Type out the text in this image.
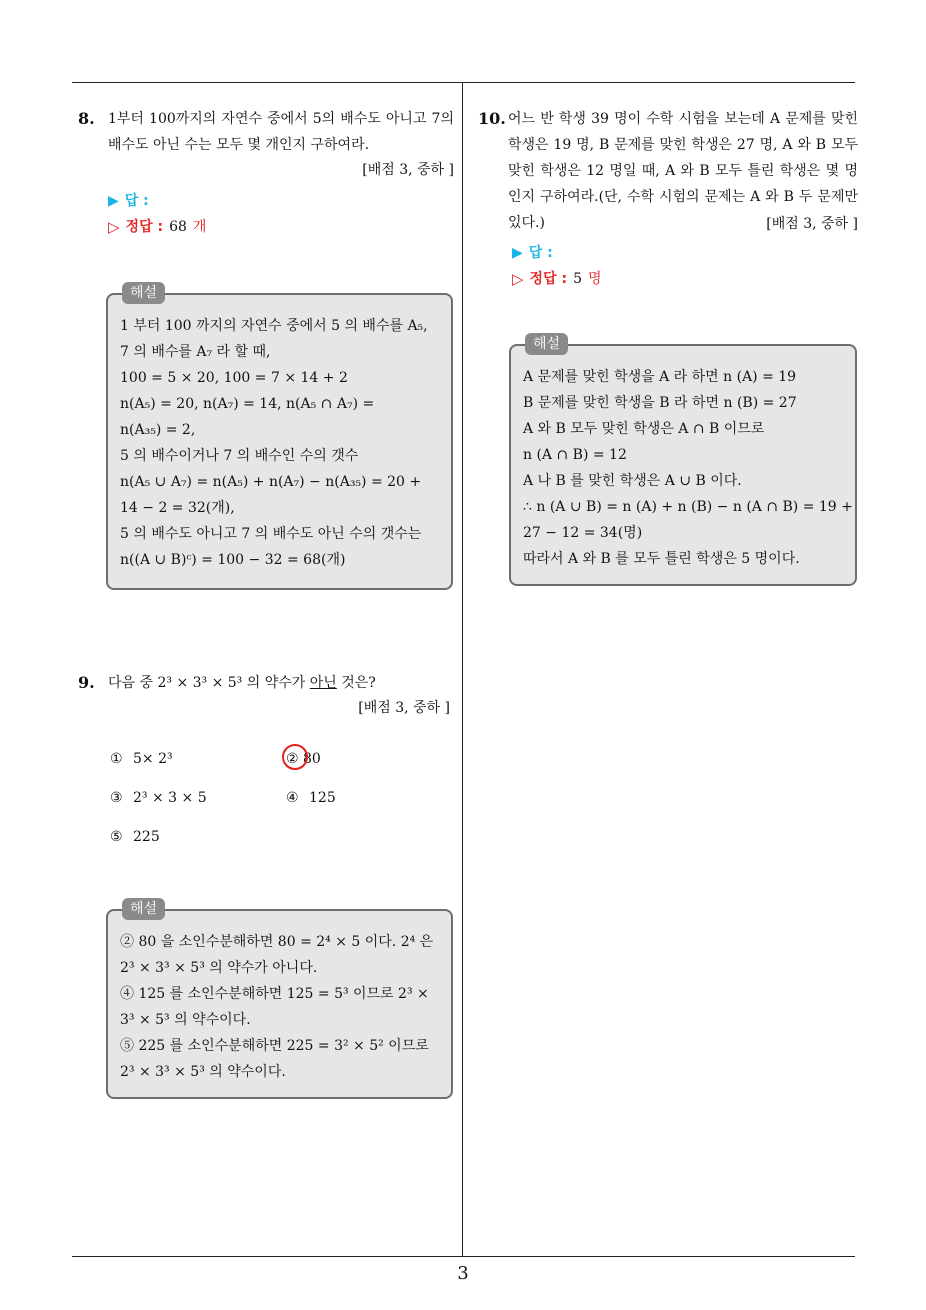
8. 1부터 100까지의 자연수 중에서 5의 배수도 아니고 7의 배수도 아닌 수는 모두 몇 개인지 구하여라.
[배점 3, 중하 ]
▶ 답 :
▷ 정답 : 68 개
해설
1 부터 100 까지의 자연수 중에서 5 의 배수를 A₅,
7 의 배수를 A₇ 라 할 때,
100 = 5 × 20, 100 = 7 × 14 + 2
n(A₅) = 20, n(A₇) = 14, n(A₅ ∩ A₇) =
n(A₃₅) = 2,
5 의 배수이거나 7 의 배수인 수의 갯수
n(A₅ ∪ A₇) = n(A₅) + n(A₇) − n(A₃₅) = 20 +
14 − 2 = 32(개),
5 의 배수도 아니고 7 의 배수도 아닌 수의 갯수는
n((A ∪ B)ᶜ) = 100 − 32 = 68(개)
9. 다음 중 2³ × 3³ × 5³ 의 약수가 아닌 것은?
[배점 3, 중하 ]
① 5× 2³	② 80
③ 2³ × 3 × 5	④ 125
⑤ 225
해설
② 80 을 소인수분해하면 80 = 2⁴ × 5 이다. 2⁴ 은
2³ × 3³ × 5³ 의 약수가 아니다.
④ 125 를 소인수분해하면 125 = 5³ 이므로 2³ ×
3³ × 5³ 의 약수이다.
⑤ 225 를 소인수분해하면 225 = 3² × 5² 이므로
2³ × 3³ × 5³ 의 약수이다.
10. 어느 반 학생 39 명이 수학 시험을 보는데 A 문제를 맞힌 학생은 19 명, B 문제를 맞힌 학생은 27 명, A 와 B 모두 맞힌 학생은 12 명일 때, A 와 B 모두 틀린 학생은 몇 명인지 구하여라.(단, 수학 시험의 문제는 A 와 B 두 문제만 있다.)	[배점 3, 중하 ]
▶ 답 :
▷ 정답 : 5 명
해설
A 문제를 맞힌 학생을 A 라 하면 n (A) = 19
B 문제를 맞힌 학생을 B 라 하면 n (B) = 27
A 와 B 모두 맞힌 학생은 A ∩ B 이므로
n (A ∩ B) = 12
A 나 B 를 맞힌 학생은 A ∪ B 이다.
∴ n (A ∪ B) = n (A) + n (B) − n (A ∩ B) = 19 +
27 − 12 = 34(명)
따라서 A 와 B 를 모두 틀린 학생은 5 명이다.
3
